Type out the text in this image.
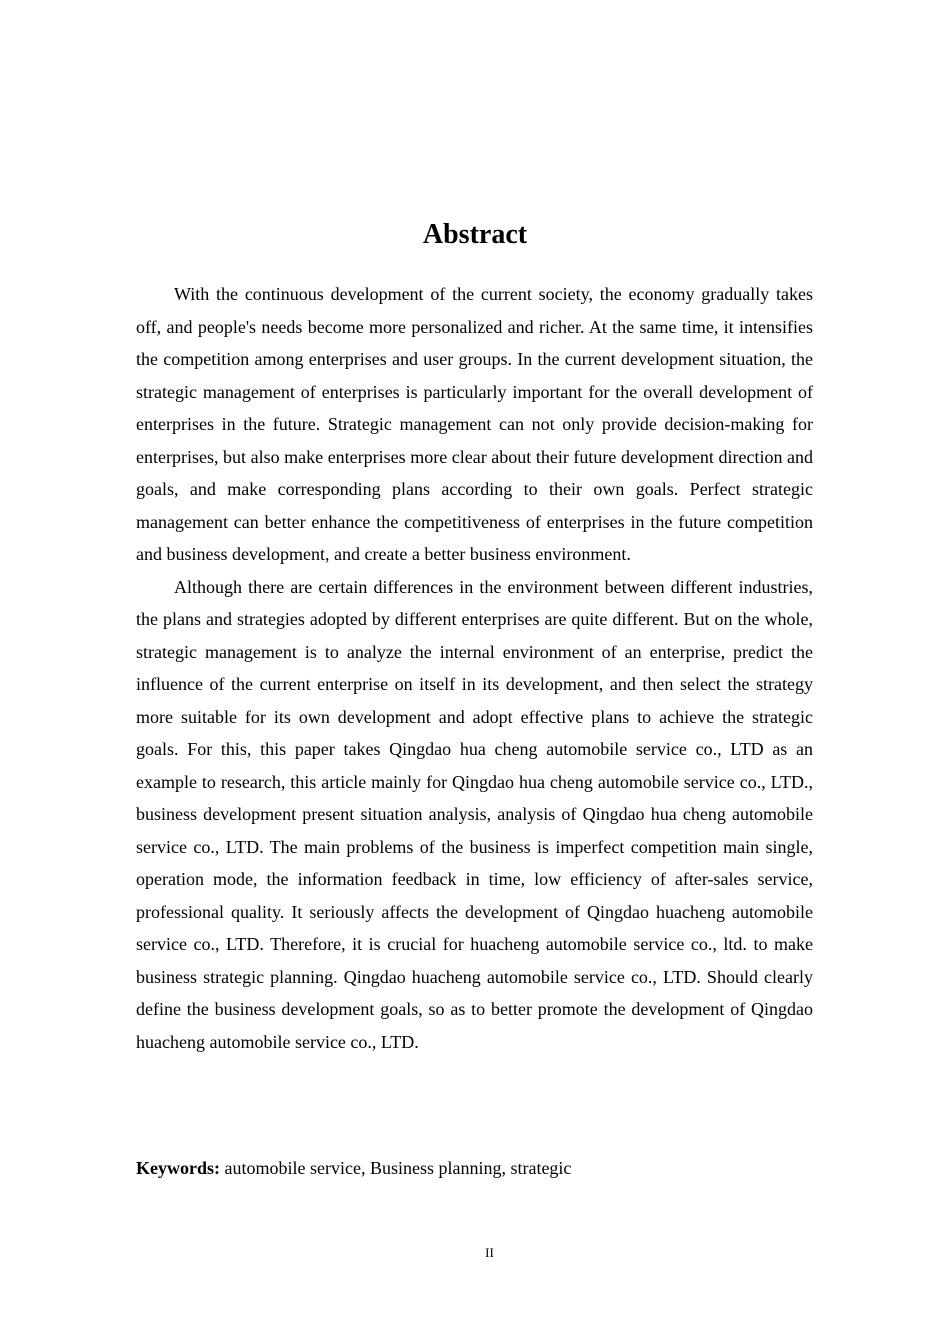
Abstract

With the continuous development of the current society, the economy gradually takes off, and people's needs become more personalized and richer. At the same time, it intensifies the competition among enterprises and user groups. In the current development situation, the strategic management of enterprises is particularly important for the overall development of enterprises in the future. Strategic management can not only provide decision-making for enterprises, but also make enterprises more clear about their future development direction and goals, and make corresponding plans according to their own goals. Perfect strategic management can better enhance the competitiveness of enterprises in the future competition and business development, and create a better business environment.

Although there are certain differences in the environment between different industries, the plans and strategies adopted by different enterprises are quite different. But on the whole, strategic management is to analyze the internal environment of an enterprise, predict the influence of the current enterprise on itself in its development, and then select the strategy more suitable for its own development and adopt effective plans to achieve the strategic goals. For this, this paper takes Qingdao hua cheng automobile service co., LTD as an example to research, this article mainly for Qingdao hua cheng automobile service co., LTD., business development present situation analysis, analysis of Qingdao hua cheng automobile service co., LTD. The main problems of the business is imperfect competition main single, operation mode, the information feedback in time, low efficiency of after-sales service, professional quality. It seriously affects the development of Qingdao huacheng automobile service co., LTD. Therefore, it is crucial for huacheng automobile service co., ltd. to make business strategic planning. Qingdao huacheng automobile service co., LTD. Should clearly define the business development goals, so as to better promote the development of Qingdao huacheng automobile service co., LTD.

Keywords: automobile service, Business planning, strategic

II
